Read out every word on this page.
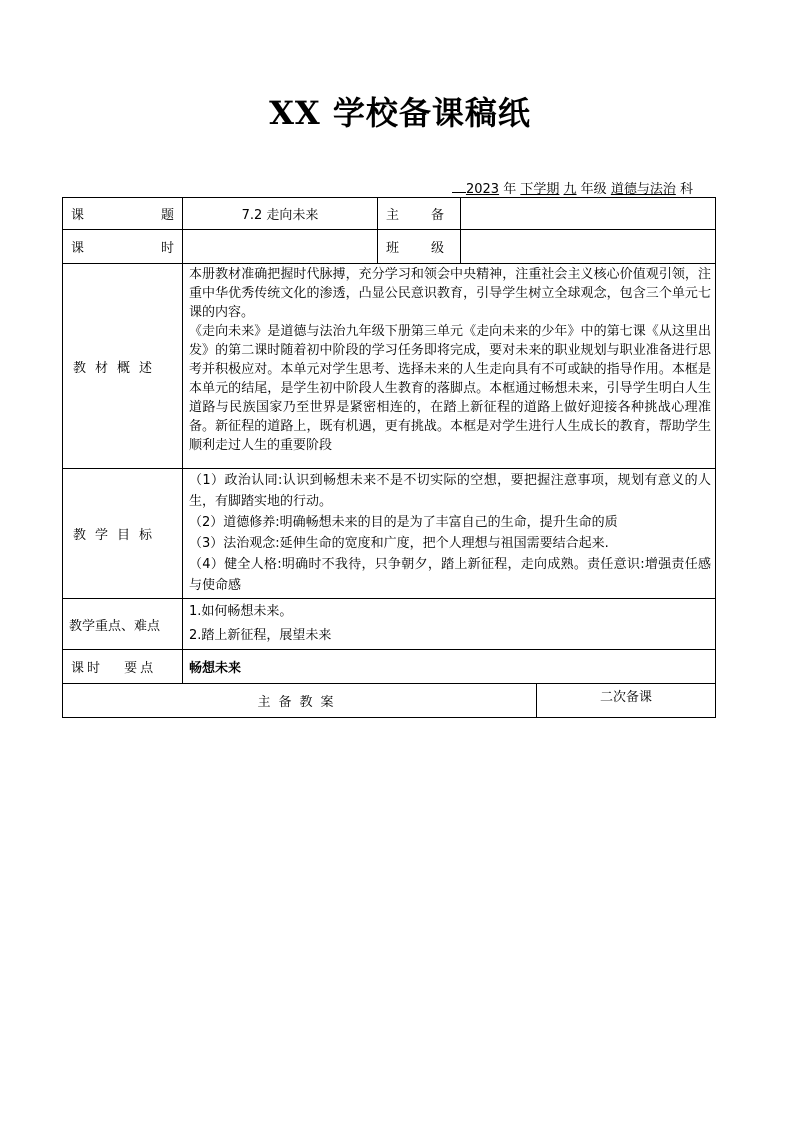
XX 学校备课稿纸
2023 年 下学期 九 年级 道德与法治 科
课 题	7.2 走向未来	主 备		

课 时		班 级		

教材概述	本册教材准确把握时代脉搏，充分学习和领会中央精神，注重社会主义核心价值观引领，注重中华优秀传统文化的渗透，凸显公民意识教育，引导学生树立全球观念，包含三个单元七课的内容。

《走向未来》是道德与法治九年级下册第三单元《走向未来的少年》中的第七课《从这里出发》的第二课时随着初中阶段的学习任务即将完成，要对未来的职业规划与职业准备进行思考并积极应对。本单元对学生思考、选择未来的人生走向具有不可或缺的指导作用。本框是本单元的结尾，是学生初中阶段人生教育的落脚点。本框通过畅想未来，引导学生明白人生道路与民族国家乃至世界是紧密相连的，在踏上新征程的道路上做好迎接各种挑战心理准备。新征程的道路上，既有机遇，更有挑战。本框是对学生进行人生成长的教育，帮助学生顺利走过人生的重要阶段			

教学目标	（1）政治认同:认识到畅想未来不是不切实际的空想，要把握注意事项，规划有意义的人生，有脚踏实地的行动。

（2）道德修养:明确畅想未来的目的是为了丰富自己的生命，提升生命的质

（3）法治观念:延伸生命的宽度和广度，把个人理想与祖国需要结合起来.

（4）健全人格:明确时不我待，只争朝夕，踏上新征程，走向成熟。责任意识:增强责任感与使命感			

教学重点、难点	1.如何畅想未来。

2.踏上新征程，展望未来			

课时 要点	畅想未来			
主备教案				二次备课
